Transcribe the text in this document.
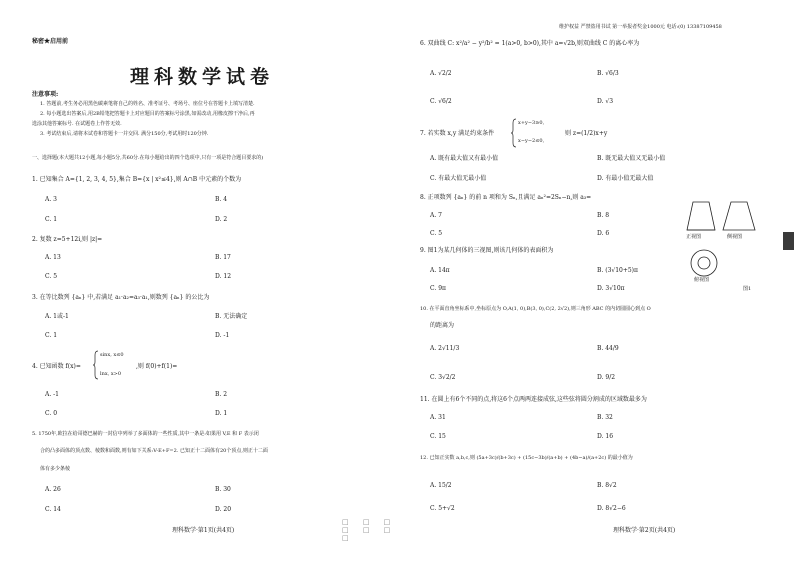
秘密★启用前
理科数学试卷
注意事项:
1. 答题前,考生务必用黑色碳素笔将自己的姓名、准考证号、考场号、座位号在答题卡上填写清楚.
2. 每小题选出答案后,用2B铅笔把答题卡上对应题目的答案标号涂黑,如需改动,用橡皮擦干净后,再
选涂其他答案标号. 在试题卷上作答无效.
3. 考试结束后,请将本试卷和答题卡一并交回. 满分150分,考试用时120分钟.
一、选择题(本大题共12小题,每小题5分,共60分.在每小题给出的四个选项中,只有一项是符合题目要求的)
1. 已知集合 A={1, 2, 3, 4, 5},集合 B={x | x²≤4},则 A∩B 中元素的个数为
A. 3	B. 4
C. 1	D. 2
2. 复数 z=5+12i,则 |z|=
A. 13	B. 17
C. 5	D. 12
3. 在等比数列 {aₙ} 中,若满足 a₁·a₂=a₃·a₁,则数列 {aₙ} 的公比为
A. 1或-1	B. 无法确定
C. 1	D. -1
4. 已知函数 f(x)=
sinx, x≤0
lnx, x>0
,则 f(0)+f(1)=
A. -1	B. 2
C. 0	D. 1
5. 1750年,欧拉在给哥德巴赫的一封信中列举了多面体的一些性质,其中一条是:如果用 V,E 和 F 表示闭
合的凸多面体的顶点数、棱数和面数,则有如下关系:V-E+F=2. 已知正十二面体有20个顶点,则正十二面
体有多少条棱
A. 26	B. 30
C. 14	D. 20
理科数学·第1页(共4页)
□ □ □ □ □ □ □
维护权益 严禁盗用书试 第一举报者奖金1000元 电话:(0) 13387109458
6. 双曲线 C: x²/a² − y²/b² = 1(a>0, b>0),其中 a=√2b,则双曲线 C 的离心率为
A. √2/2	B. √6/3
C. √6/2	D. √3
7. 若实数 x,y 满足约束条件
x+y−3≥0,
x−y−2≤0,
则 z=(1/2)x+y
A. 既有最大值又有最小值	B. 既无最大值又无最小值
C. 有最大值无最小值	D. 有最小值无最大值
8. 正项数列 {aₙ} 的前 n 项和为 Sₙ,且满足 aₙ²=2Sₙ−n,则 a₃=
A. 7	B. 8
C. 5	D. 6
9. 图1为某几何体的三视图,则该几何体的表面积为
A. 14π	B. (3√10+5)π
C. 9π	D. 3√10π
正视图	侧视图
俯视图
图1
10. 在平面直角坐标系中,坐标原点为 O,A(1, 0),B(3, 0),C(2, 2√2),则三角形 ABC 的内切圆圆心到点 O
的距离为
A. 2√11/3	B. 44/9
C. 3√2/2	D. 9/2
11. 在圆上有6个不同的点,将这6个点两两连接成弦,这些弦将圆分割成的区域数最多为
A. 31	B. 32
C. 15	D. 16
12. 已知正实数 a,b,c,则 (5a+3c)/(b+3c) + (15c−3b)/(a+b) + (4b−a)/(a+2c) 的最小值为
A. 15/2	B. 8√2
C. 5+√2	D. 8√2−6
理科数学·第2页(共4页)
